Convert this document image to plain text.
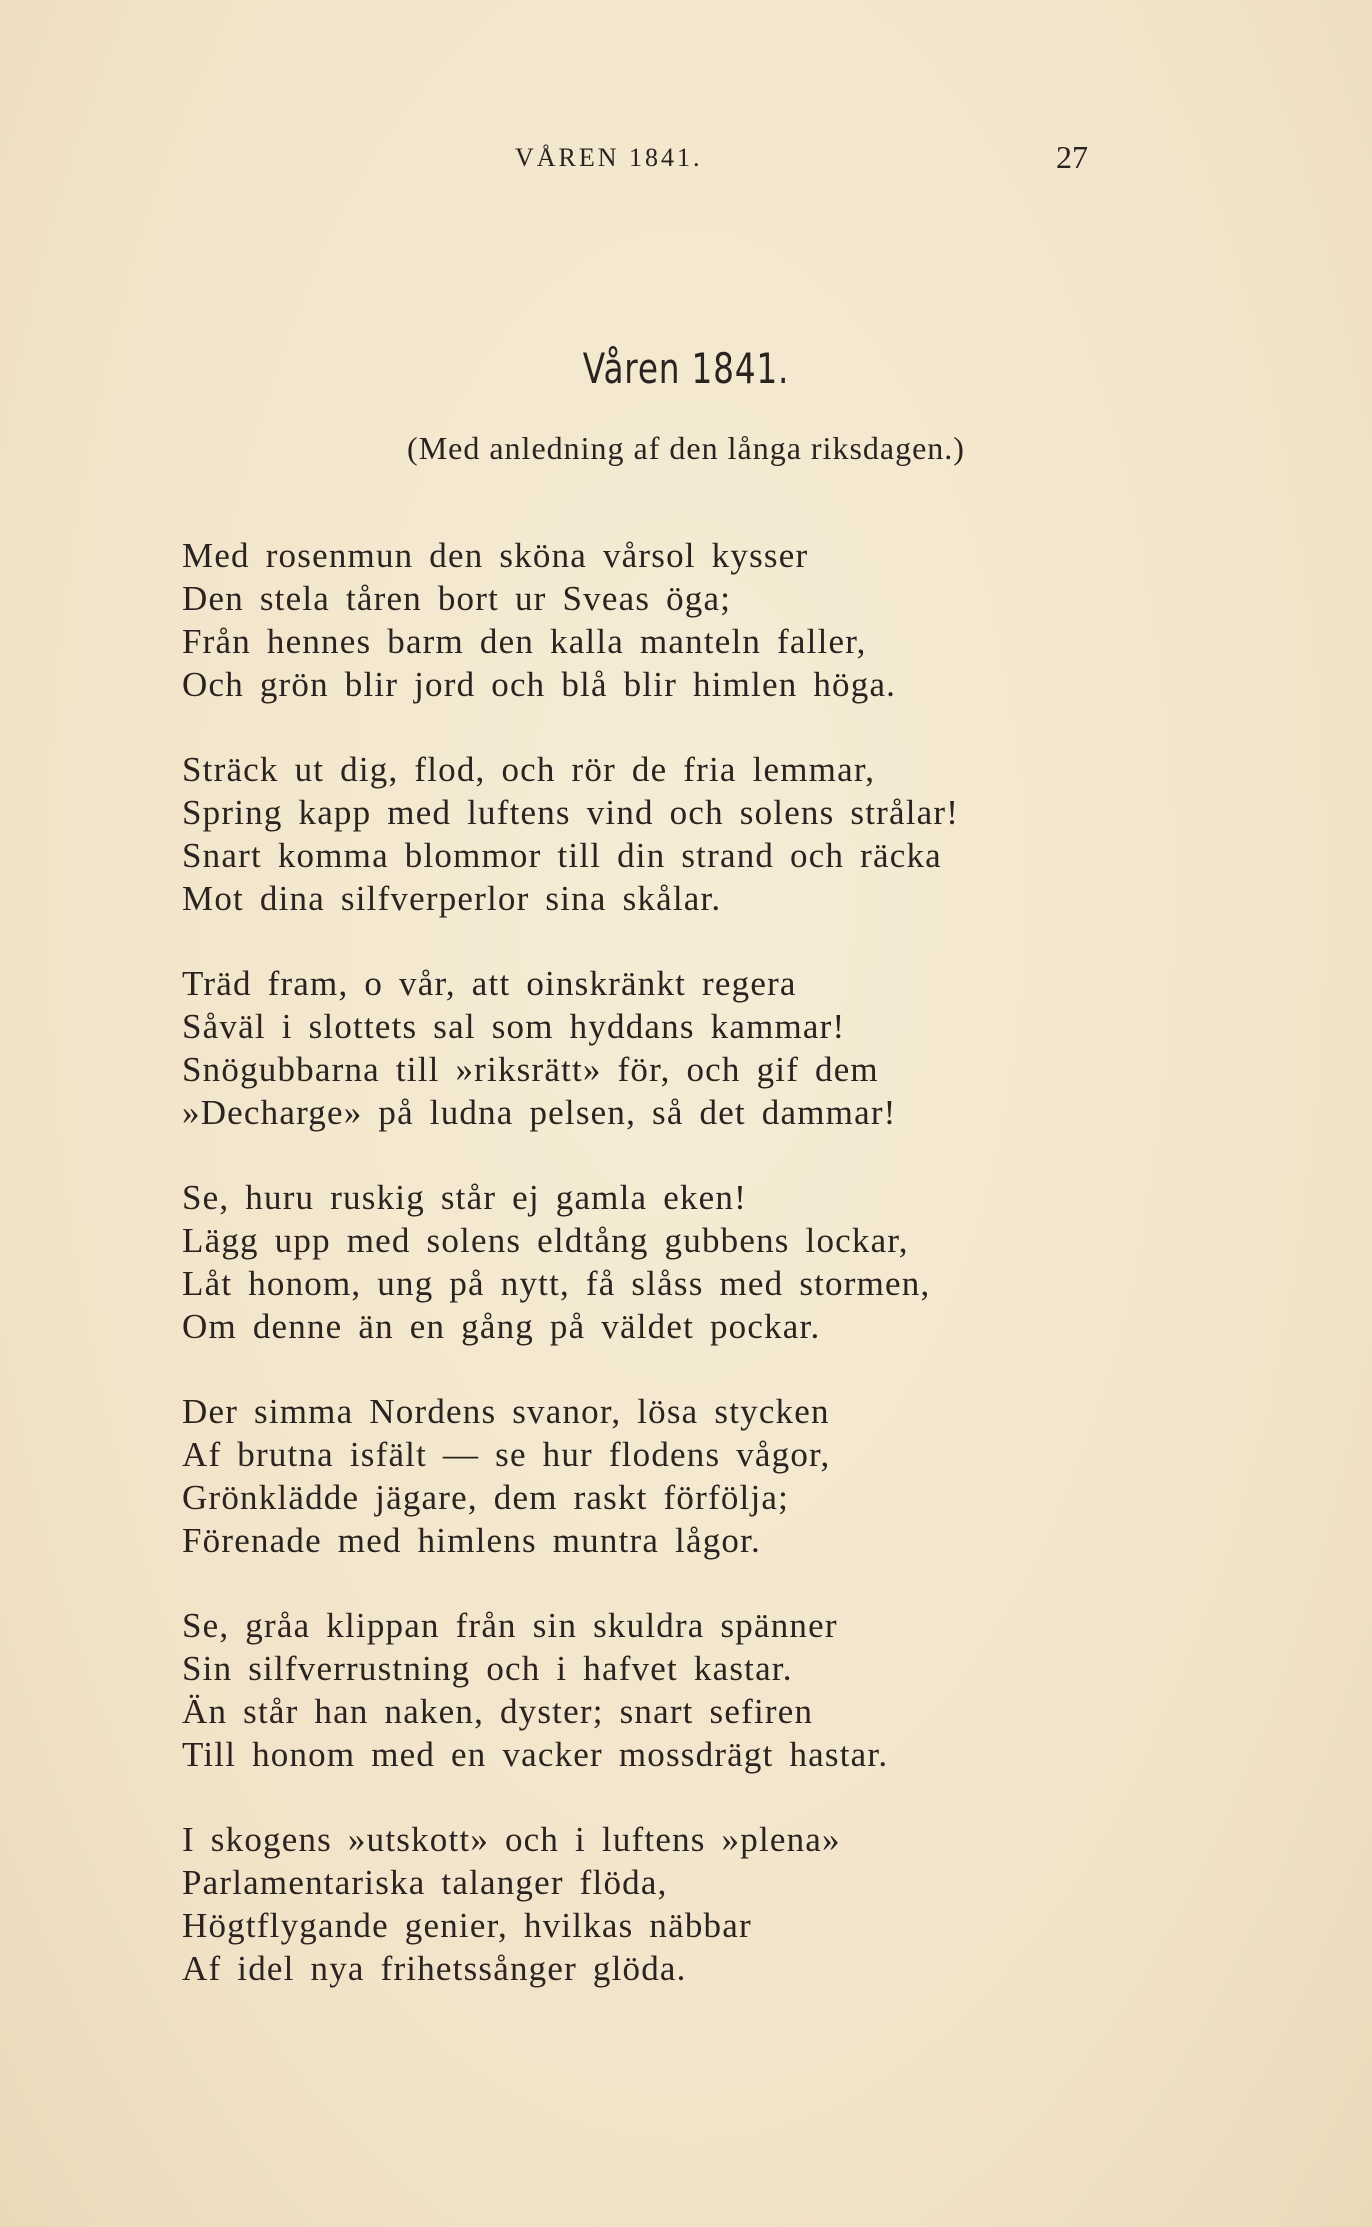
VÅREN 1841.	27
Våren 1841.
(Med anledning af den långa riksdagen.)
Med rosenmun den sköna vårsol kysser
Den stela tåren bort ur Sveas öga;
Från hennes barm den kalla manteln faller,
Och grön blir jord och blå blir himlen höga.
Sträck ut dig, flod, och rör de fria lemmar,
Spring kapp med luftens vind och solens strålar!
Snart komma blommor till din strand och räcka
Mot dina silfverperlor sina skålar.
Träd fram, o vår, att oinskränkt regera
Såväl i slottets sal som hyddans kammar!
Snögubbarna till »riksrätt» för, och gif dem
»Decharge» på ludna pelsen, så det dammar!
Se, huru ruskig står ej gamla eken!
Lägg upp med solens eldtång gubbens lockar,
Låt honom, ung på nytt, få slåss med stormen,
Om denne än en gång på väldet pockar.
Der simma Nordens svanor, lösa stycken
Af brutna isfält — se hur flodens vågor,
Grönklädde jägare, dem raskt förfölja;
Förenade med himlens muntra lågor.
Se, gråa klippan från sin skuldra spänner
Sin silfverrustning och i hafvet kastar.
Än står han naken, dyster; snart sefiren
Till honom med en vacker mossdrägt hastar.
I skogens »utskott» och i luftens »plena»
Parlamentariska talanger flöda,
Högtflygande genier, hvilkas näbbar
Af idel nya frihetssånger glöda.
